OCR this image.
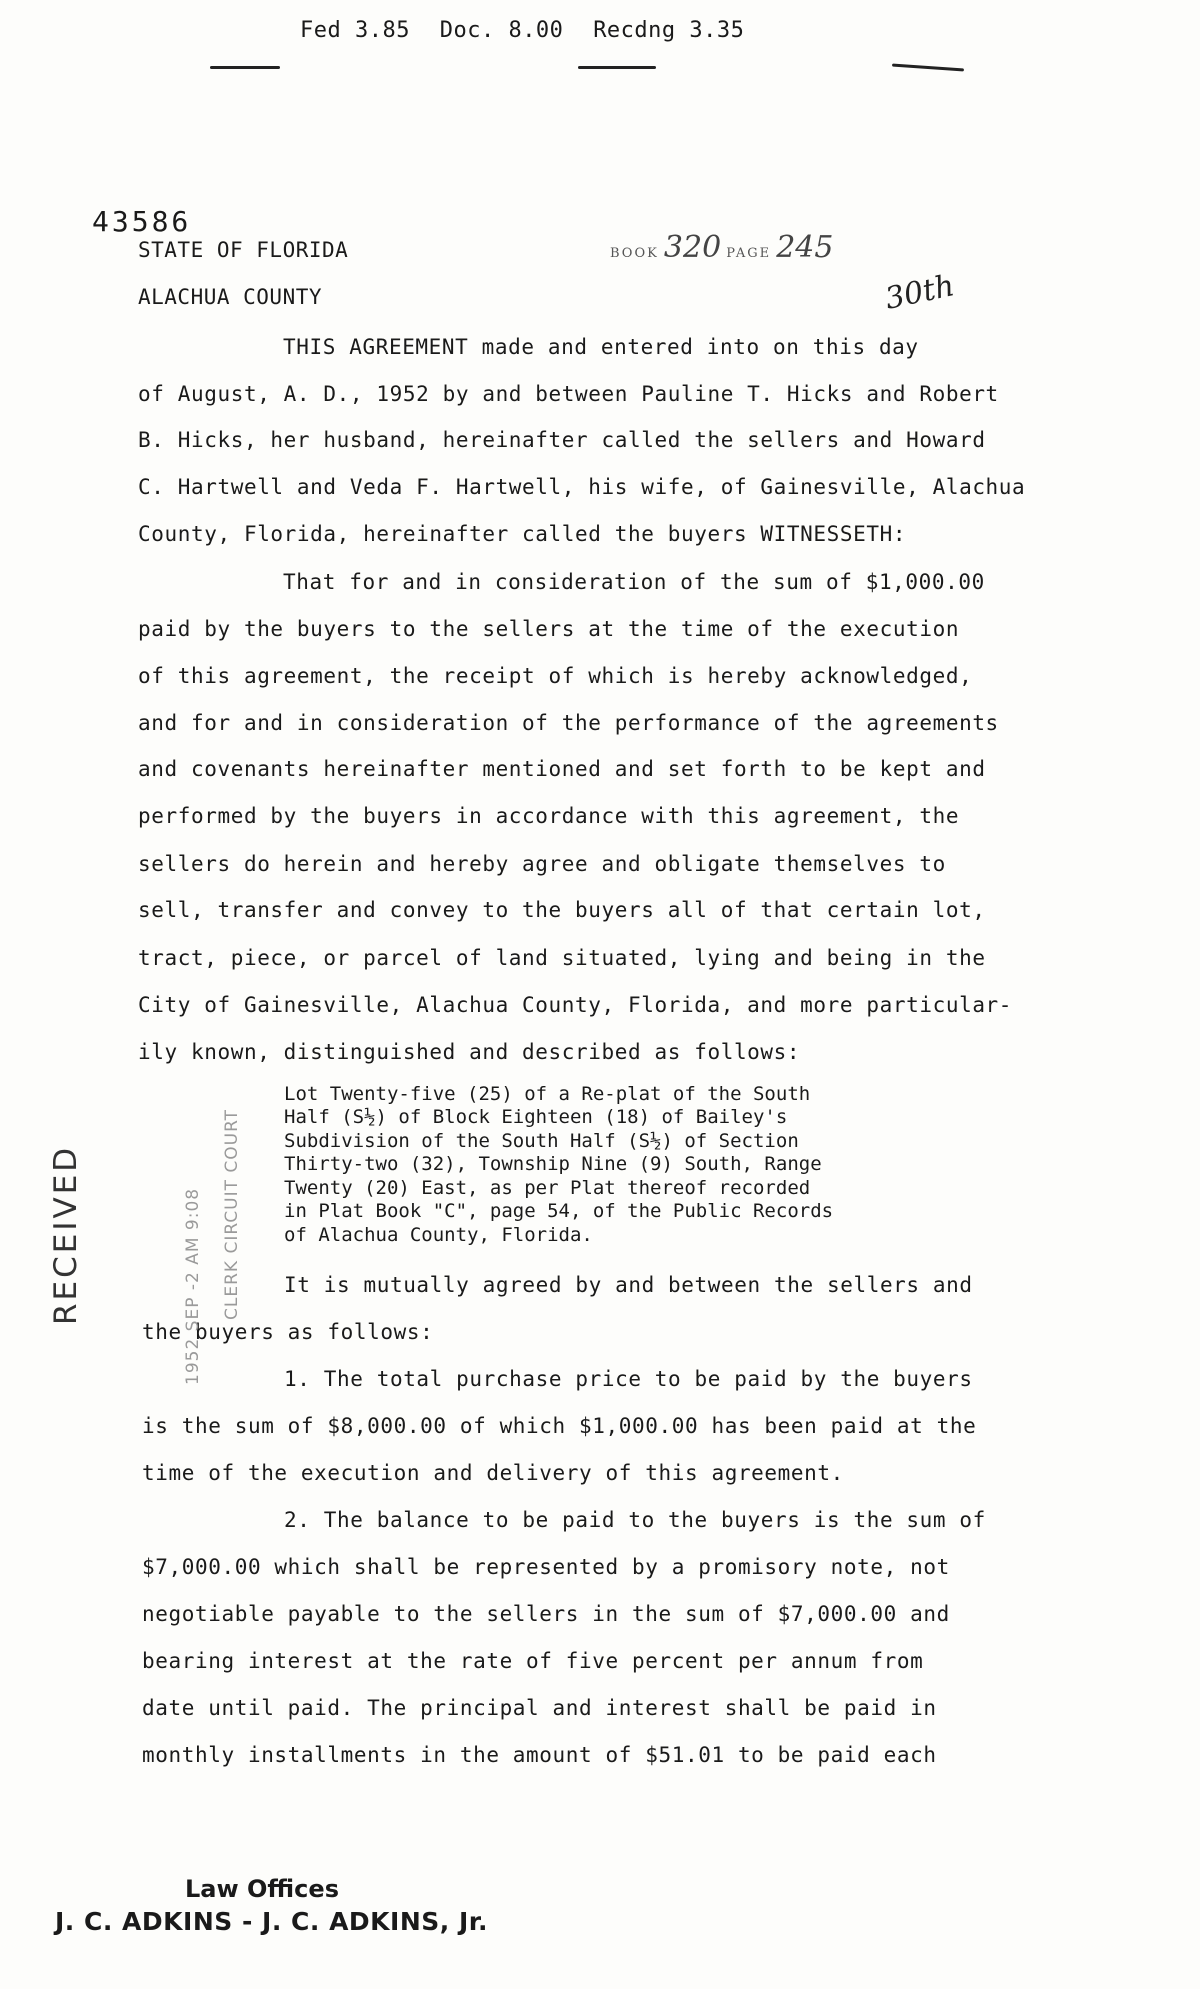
Fed 3.85 Doc. 8.00 Recdng 3.35
43586
STATE OF FLORIDA
ALACHUA COUNTY
BOOK 320 PAGE 245
30th
THIS AGREEMENT made and entered into on this day
of August, A. D., 1952 by and between Pauline T. Hicks and Robert
B. Hicks, her husband, hereinafter called the sellers and Howard
C. Hartwell and Veda F. Hartwell, his wife, of Gainesville, Alachua
County, Florida, hereinafter called the buyers WITNESSETH:
That for and in consideration of the sum of $1,000.00
paid by the buyers to the sellers at the time of the execution
of this agreement, the receipt of which is hereby acknowledged,
and for and in consideration of the performance of the agreements
and covenants hereinafter mentioned and set forth to be kept and
performed by the buyers in accordance with this agreement, the
sellers do herein and hereby agree and obligate themselves to
sell, transfer and convey to the buyers all of that certain lot,
tract, piece, or parcel of land situated, lying and being in the
City of Gainesville, Alachua County, Florida, and more particular-
ily known, distinguished and described as follows:
Lot Twenty-five (25) of a Re-plat of the South
Half (S½) of Block Eighteen (18) of Bailey's
Subdivision of the South Half (S½) of Section
Thirty-two (32), Township Nine (9) South, Range
Twenty (20) East, as per Plat thereof recorded
in Plat Book "C", page 54, of the Public Records
of Alachua County, Florida.
It is mutually agreed by and between the sellers and
the buyers as follows:
1. The total purchase price to be paid by the buyers
is the sum of $8,000.00 of which $1,000.00 has been paid at the
time of the execution and delivery of this agreement.
2. The balance to be paid to the buyers is the sum of
$7,000.00 which shall be represented by a promisory note, not
negotiable payable to the sellers in the sum of $7,000.00 and
bearing interest at the rate of five percent per annum from
date until paid. The principal and interest shall be paid in
monthly installments in the amount of $51.01 to be paid each
RECEIVED	1952 SEP -2 AM 9:08 CLERK CIRCUIT COURT
Law Offices
J. C. ADKINS - J. C. ADKINS, Jr.
